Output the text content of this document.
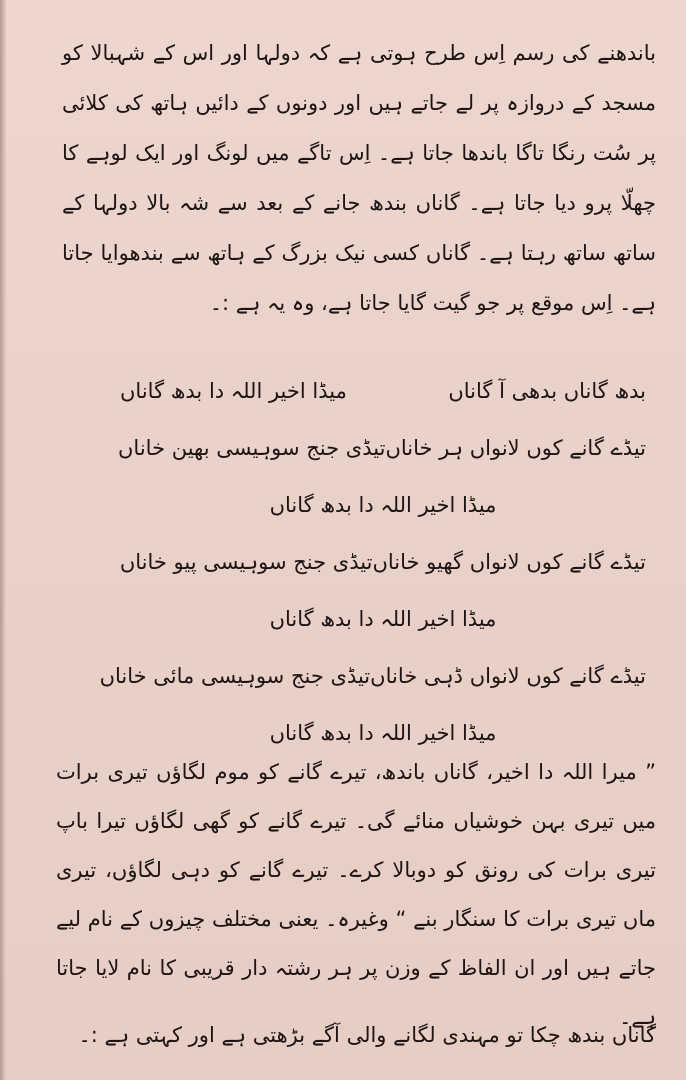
باندھنے کی رسم اِس طرح ہوتی ہے کہ دولہا اور اس کے شہبالا کو مسجد کے دروازہ پر لے جاتے ہیں اور دونوں کے دائیں ہاتھ کی کلائی پر سُت رنگا تاگا باندھا جاتا ہے۔ اِس تاگے میں لونگ اور ایک لوہے کا چھلّا پرو دیا جاتا ہے۔ گاناں بندھ جانے کے بعد سے شہ بالا دولہا کے ساتھ ساتھ رہتا ہے۔ گاناں کسی نیک بزرگ کے ہاتھ سے بندھوایا جاتا ہے۔ اِس موقع پر جو گیت گایا جاتا ہے، وہ یہ ہے :۔

بدھ گاناں بدھی آ گاناں
میڈا اخیر اللہ دا بدھ گاناں
تیڈے گانے کوں لانواں ہر خاناں
تیڈی جنج سوہیسی بھین خاناں
میڈا اخیر اللہ دا بدھ گاناں
تیڈے گانے کوں لانواں گھیو خاناں
تیڈی جنج سوہیسی پیو خاناں
میڈا اخیر اللہ دا بدھ گاناں
تیڈے گانے کوں لانواں ڈہی خاناں
تیڈی جنج سوہیسی مائی خاناں
میڈا اخیر اللہ دا بدھ گاناں

” میرا اللہ دا اخیر، گاناں باندھ، تیرے گانے کو موم لگاؤں تیری برات میں تیری بہن خوشیاں منائے گی۔ تیرے گانے کو گھی لگاؤں تیرا باپ تیری برات کی رونق کو دوبالا کرے۔ تیرے گانے کو دہی لگاؤں، تیری ماں تیری برات کا سنگار بنے “ وغیرہ۔ یعنی مختلف چیزوں کے نام لیے جاتے ہیں اور ان الفاظ کے وزن پر ہر رشتہ دار قریبی کا نام لایا جاتا ہے۔

گاناں بندھ چکا تو مہندی لگانے والی آگے بڑھتی ہے اور کہتی ہے :۔
